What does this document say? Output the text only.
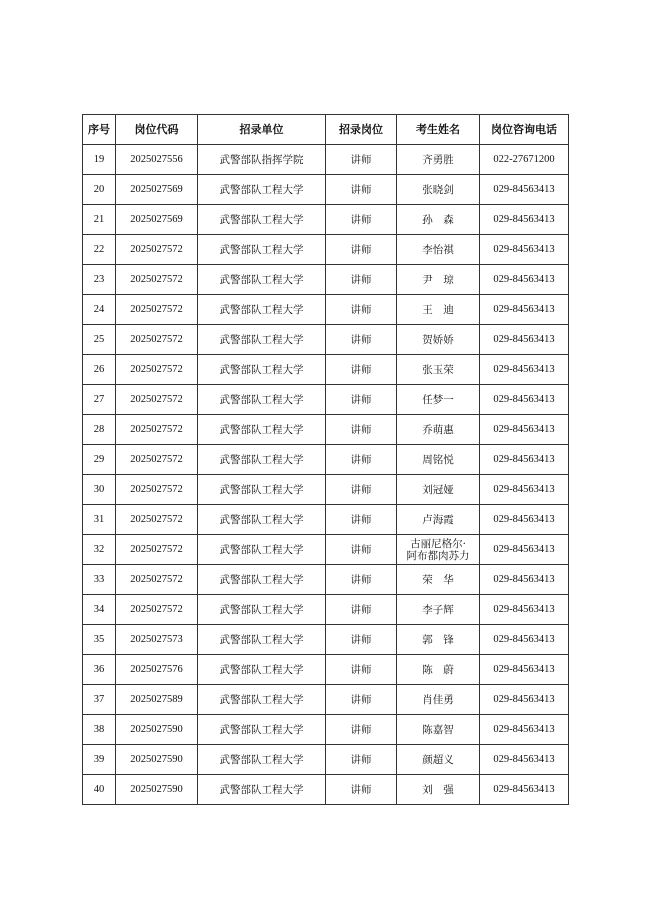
序号	岗位代码	招录单位	招录岗位	考生姓名	岗位咨询电话
19	2025027556	武警部队指挥学院	讲师	齐勇胜	022-27671200
20	2025027569	武警部队工程大学	讲师	张晓剑	029-84563413
21	2025027569	武警部队工程大学	讲师	孙　森	029-84563413
22	2025027572	武警部队工程大学	讲师	李怡祺	029-84563413
23	2025027572	武警部队工程大学	讲师	尹　琼	029-84563413
24	2025027572	武警部队工程大学	讲师	王　迪	029-84563413
25	2025027572	武警部队工程大学	讲师	贺娇娇	029-84563413
26	2025027572	武警部队工程大学	讲师	张玉荣	029-84563413
27	2025027572	武警部队工程大学	讲师	任梦一	029-84563413
28	2025027572	武警部队工程大学	讲师	乔萌惠	029-84563413
29	2025027572	武警部队工程大学	讲师	周铭悦	029-84563413
30	2025027572	武警部队工程大学	讲师	刘冠娅	029-84563413
31	2025027572	武警部队工程大学	讲师	卢海霞	029-84563413
32	2025027572	武警部队工程大学	讲师	古丽尼格尔·
阿布都肉苏力	029-84563413
33	2025027572	武警部队工程大学	讲师	荣　华	029-84563413
34	2025027572	武警部队工程大学	讲师	李子辉	029-84563413
35	2025027573	武警部队工程大学	讲师	郭　锋	029-84563413
36	2025027576	武警部队工程大学	讲师	陈　蔚	029-84563413
37	2025027589	武警部队工程大学	讲师	肖佳勇	029-84563413
38	2025027590	武警部队工程大学	讲师	陈嘉智	029-84563413
39	2025027590	武警部队工程大学	讲师	颜超义	029-84563413
40	2025027590	武警部队工程大学	讲师	刘　强	029-84563413
